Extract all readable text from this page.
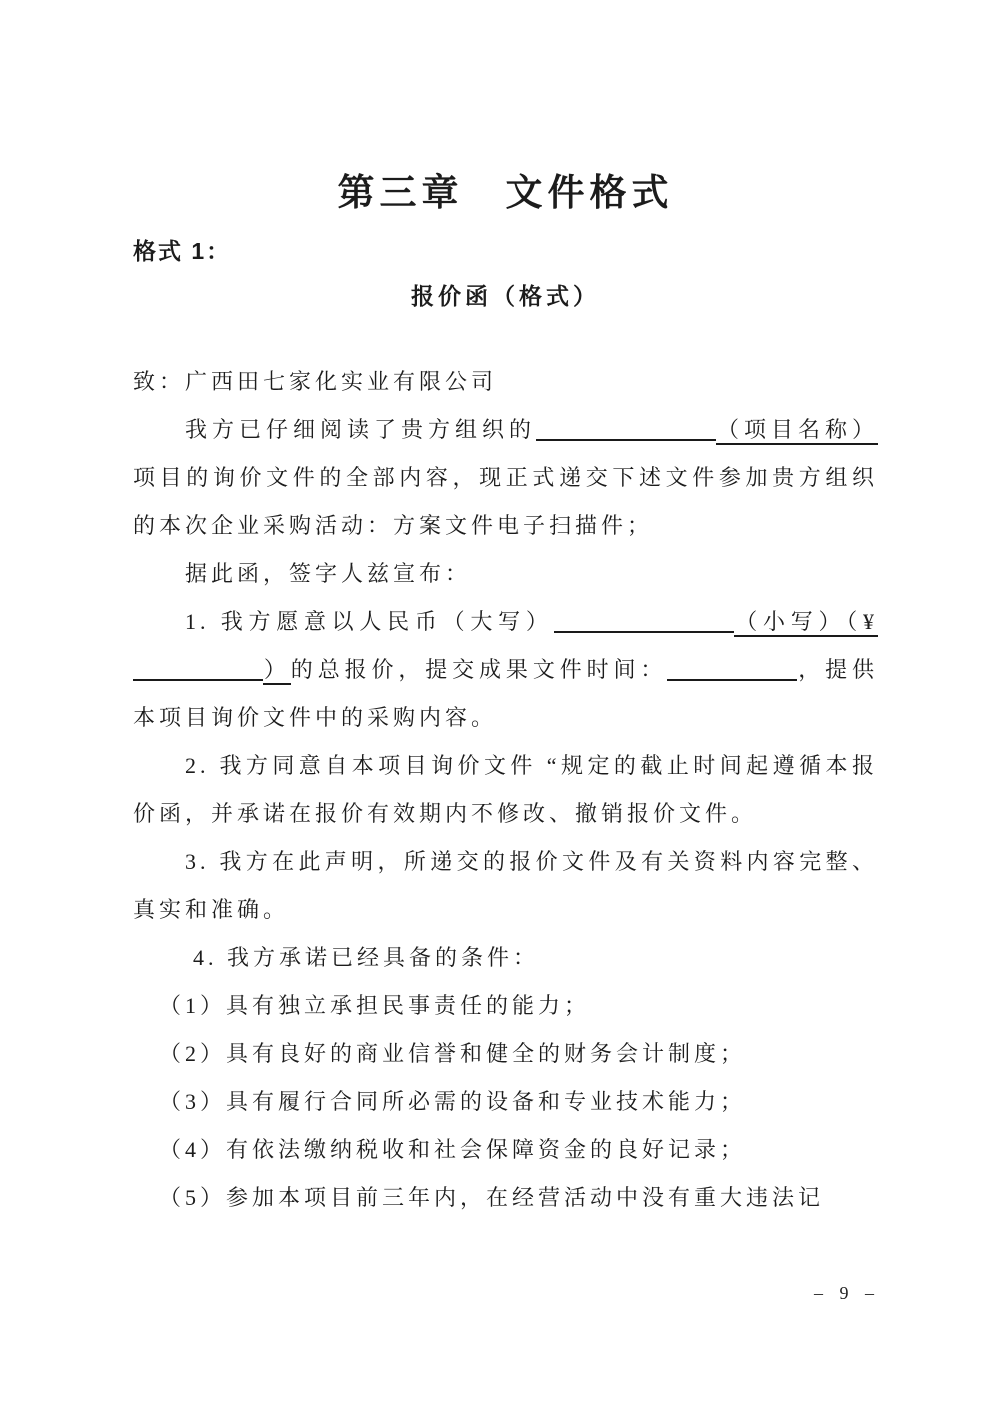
第三章　文件格式
格式 1：
报价函（格式）

致：广西田七家化实业有限公司

我方已仔细阅读了贵方组织的	（项目名称）项目的询价文件的全部内容，现正式递交下述文件参加贵方组织的本次企业采购活动：方案文件电子扫描件；

据此函，签字人兹宣布：

1. 我方愿意以人民币（大写）	（小写）（¥）的总报价，提交成果文件时间：	，提供本项目询价文件中的采购内容。

2. 我方同意自本项目询价文件 “规定的截止时间起遵循本报价函，并承诺在报价有效期内不修改、撤销报价文件。

3. 我方在此声明，所递交的报价文件及有关资料内容完整、真实和准确。

4. 我方承诺已经具备的条件：

（1）具有独立承担民事责任的能力；

（2）具有良好的商业信誉和健全的财务会计制度；

（3）具有履行合同所必需的设备和专业技术能力；

（4）有依法缴纳税收和社会保障资金的良好记录；

（5）参加本项目前三年内，在经营活动中没有重大违法记

– 9 –
